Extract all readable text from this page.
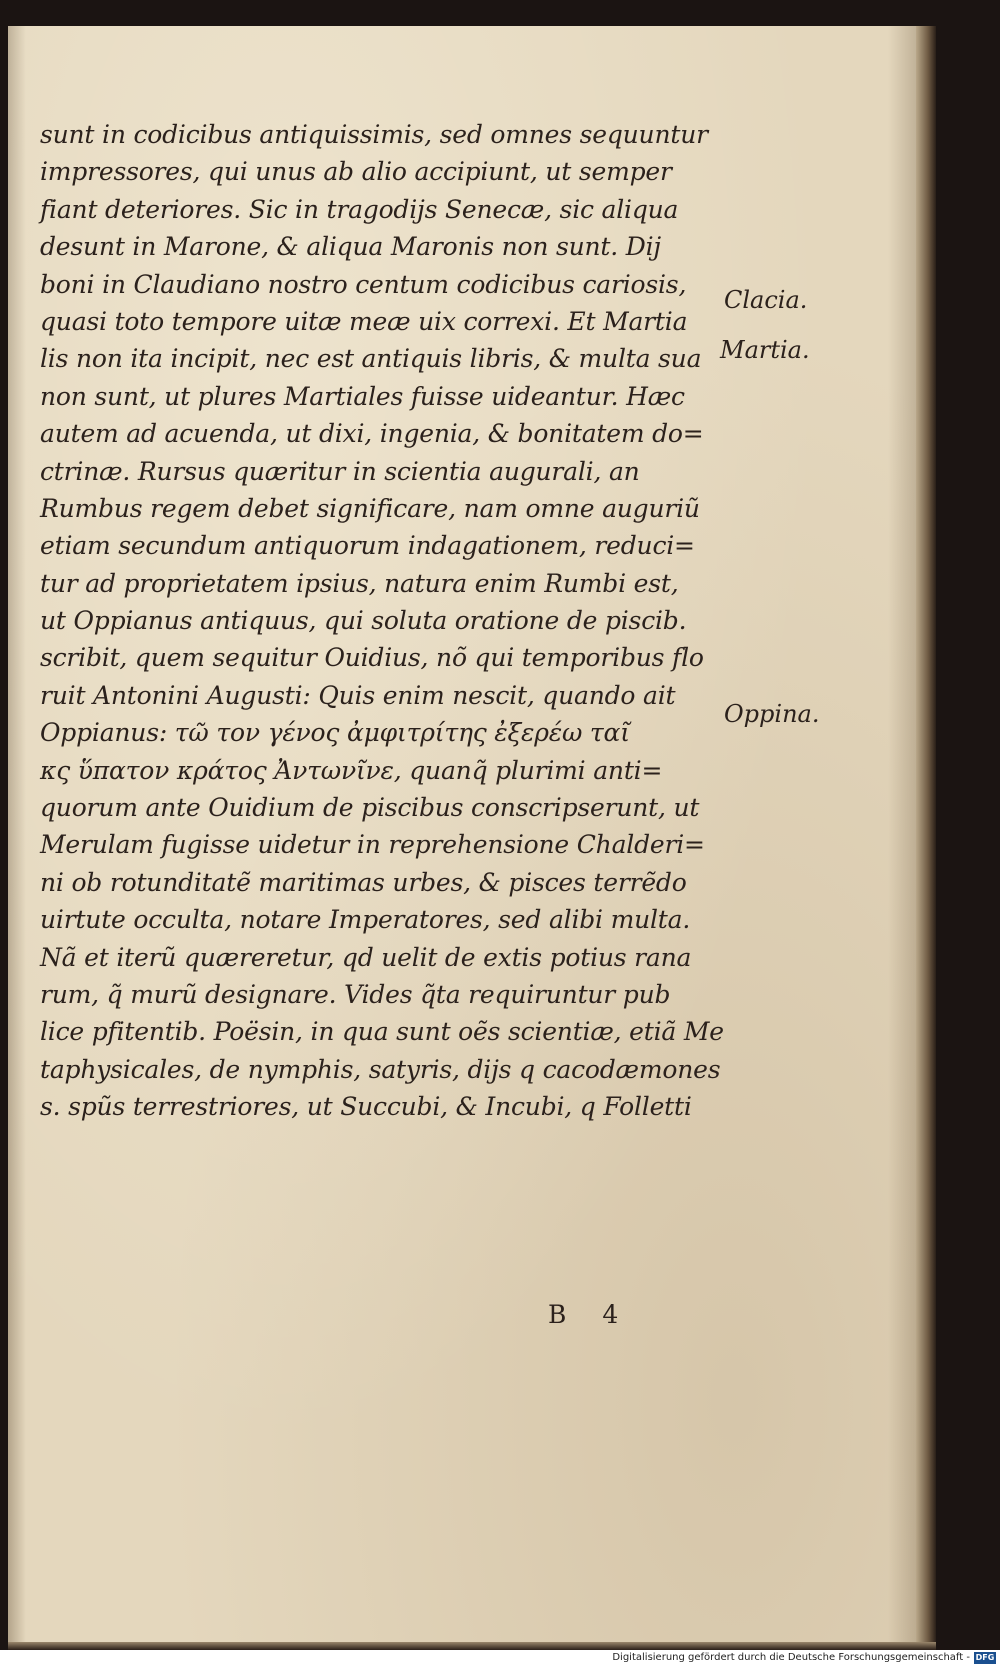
sunt in codicibus antiquissimis, sed omnes sequuntur
impressores, qui unus ab alio accipiunt, ut semper
fiant deteriores. Sic in tragodijs Senecæ, sic aliqua
desunt in Marone, & aliqua Maronis non sunt. Dij
boni in Claudiano nostro centum codicibus cariosis,
quasi toto tempore uitæ meæ uix correxi. Et Martia
lis non ita incipit, nec est antiquis libris, & multa sua
non sunt, ut plures Martiales fuisse uideantur. Hæc
autem ad acuenda, ut dixi, ingenia, & bonitatem do=
ctrinæ. Rursus quæritur in scientia augurali, an
Rumbus regem debet significare, nam omne auguriũ
etiam secundum antiquorum indagationem, reduci=
tur ad proprietatem ipsius, natura enim Rumbi est,
ut Oppianus antiquus, qui soluta oratione de piscib.
scribit, quem sequitur Ouidius, nõ qui temporibus flo
ruit Antonini Augusti: Quis enim nescit, quando ait
Oppianus: τῶ τον γένος ἀμφιτρίτης ἐξερέω ταῖ
κς ὕπατον κράτος Ἀντωνῖνε, quanq̃ plurimi anti=
quorum ante Ouidium de piscibus conscripserunt, ut
Merulam fugisse uidetur in reprehensione Chalderi=
ni ob rotunditatẽ maritimas urbes, & pisces terrẽdo
uirtute occulta, notare Imperatores, sed alibi multa.
Nã et iterũ quæreretur, qd uelit de extis potius rana
rum, q̃ murũ designare. Vides q̃ta requiruntur pub
lice pfitentib. Poësin, in qua sunt oẽs scientiæ, etiã Me
taphysicales, de nymphis, satyris, dijs q cacodæmones
s. spũs terrestriores, ut Succubi, & Incubi, q Folletti
Clacia.
Martia.
Oppina.
B 4
Digitalisierung gefördert durch die Deutsche Forschungsgemeinschaft - DFG
